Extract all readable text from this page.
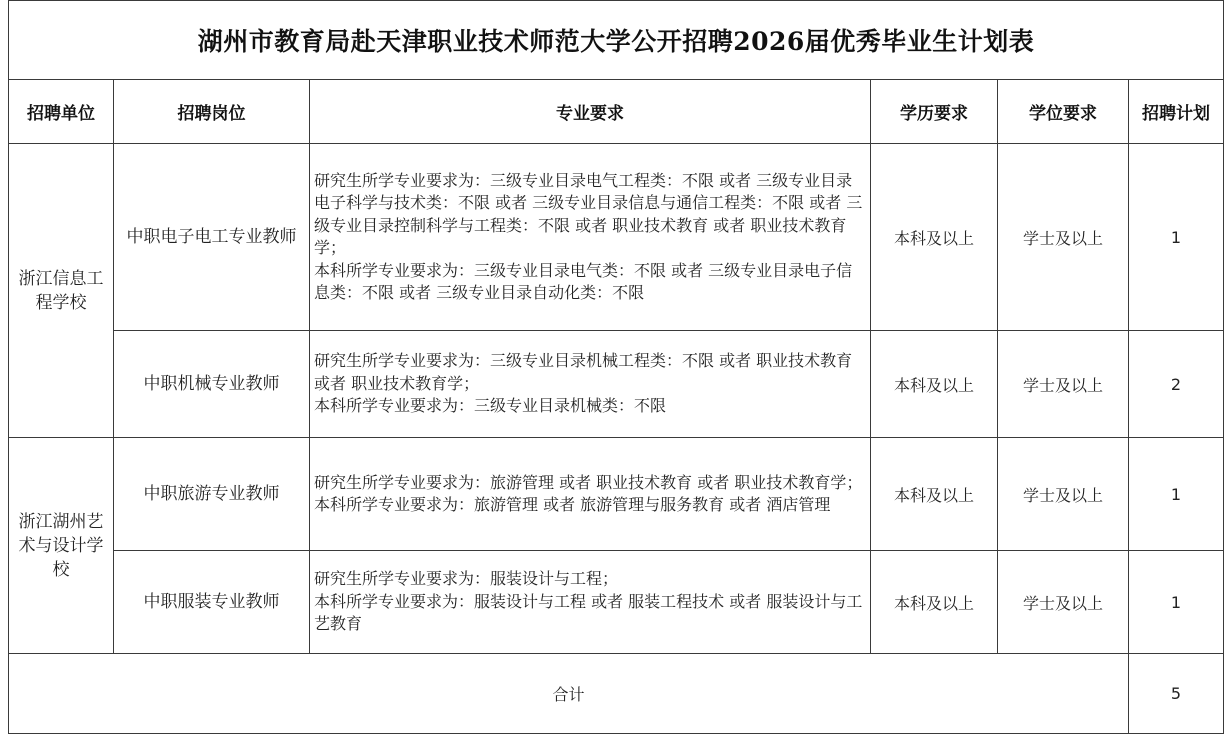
湖州市教育局赴天津职业技术师范大学公开招聘2026届优秀毕业生计划表					
招聘单位	招聘岗位	专业要求	学历要求	学位要求	招聘计划
浙江信息工程学校	中职电子电工专业教师	研究生所学专业要求为：三级专业目录电气工程类：不限 或者 三级专业目录电子科学与技术类：不限 或者 三级专业目录信息与通信工程类：不限 或者 三级专业目录控制科学与工程类：不限 或者 职业技术教育 或者 职业技术教育学；
本科所学专业要求为：三级专业目录电气类：不限 或者 三级专业目录电子信息类：不限 或者 三级专业目录自动化类：不限	本科及以上	学士及以上	1
	中职机械专业教师	研究生所学专业要求为：三级专业目录机械工程类：不限 或者 职业技术教育 或者 职业技术教育学；
本科所学专业要求为：三级专业目录机械类：不限	本科及以上	学士及以上	2
浙江湖州艺术与设计学校	中职旅游专业教师	研究生所学专业要求为：旅游管理 或者 职业技术教育 或者 职业技术教育学；
本科所学专业要求为：旅游管理 或者 旅游管理与服务教育 或者 酒店管理	本科及以上	学士及以上	1
	中职服装专业教师	研究生所学专业要求为：服装设计与工程；
本科所学专业要求为：服装设计与工程 或者 服装工程技术 或者 服装设计与工艺教育	本科及以上	学士及以上	1
合计					5
